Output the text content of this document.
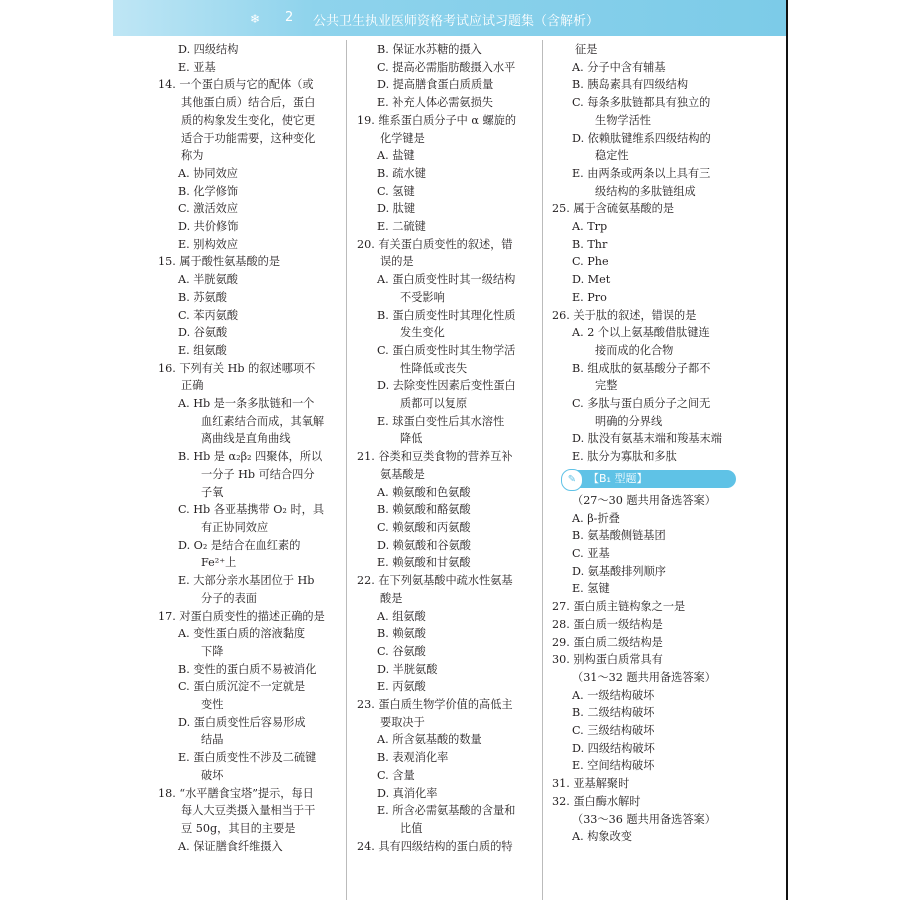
❄ 2 公共卫生执业医师资格考试应试习题集（含解析）
D. 四级结构
E. 亚基
14. 一个蛋白质与它的配体（或
其他蛋白质）结合后，蛋白
质的构象发生变化，使它更
适合于功能需要，这种变化
称为
A. 协同效应
B. 化学修饰
C. 激活效应
D. 共价修饰
E. 别构效应
15. 属于酸性氨基酸的是
A. 半胱氨酸
B. 苏氨酸
C. 苯丙氨酸
D. 谷氨酸
E. 组氨酸
16. 下列有关 Hb 的叙述哪项不
正确
A. Hb 是一条多肽链和一个
血红素结合而成，其氧解
离曲线是直角曲线
B. Hb 是 α₂β₂ 四聚体，所以
一分子 Hb 可结合四分
子氧
C. Hb 各亚基携带 O₂ 时，具
有正协同效应
D. O₂ 是结合在血红素的
Fe²⁺上
E. 大部分亲水基团位于 Hb
分子的表面
17. 对蛋白质变性的描述正确的是
A. 变性蛋白质的溶液黏度
下降
B. 变性的蛋白质不易被消化
C. 蛋白质沉淀不一定就是
变性
D. 蛋白质变性后容易形成
结晶
E. 蛋白质变性不涉及二硫键
破坏
18. “水平膳食宝塔”提示，每日
每人大豆类摄入量相当于干
豆 50g，其目的主要是
A. 保证膳食纤维摄入
B. 保证水苏糖的摄入
C. 提高必需脂肪酸摄入水平
D. 提高膳食蛋白质质量
E. 补充人体必需氨损失
19. 维系蛋白质分子中 α 螺旋的
化学键是
A. 盐键
B. 疏水键
C. 氢键
D. 肽键
E. 二硫键
20. 有关蛋白质变性的叙述，错
误的是
A. 蛋白质变性时其一级结构
不受影响
B. 蛋白质变性时其理化性质
发生变化
C. 蛋白质变性时其生物学活
性降低或丧失
D. 去除变性因素后变性蛋白
质都可以复原
E. 球蛋白变性后其水溶性
降低
21. 谷类和豆类食物的营养互补
氨基酸是
A. 赖氨酸和色氨酸
B. 赖氨酸和酪氨酸
C. 赖氨酸和丙氨酸
D. 赖氨酸和谷氨酸
E. 赖氨酸和甘氨酸
22. 在下列氨基酸中疏水性氨基
酸是
A. 组氨酸
B. 赖氨酸
C. 谷氨酸
D. 半胱氨酸
E. 丙氨酸
23. 蛋白质生物学价值的高低主
要取决于
A. 所含氨基酸的数量
B. 表观消化率
C. 含量
D. 真消化率
E. 所含必需氨基酸的含量和
比值
24. 具有四级结构的蛋白质的特
征是
A. 分子中含有辅基
B. 胰岛素具有四级结构
C. 每条多肽链都具有独立的
生物学活性
D. 依赖肽键维系四级结构的
稳定性
E. 由两条或两条以上具有三
级结构的多肽链组成
25. 属于含硫氨基酸的是
A. Trp
B. Thr
C. Phe
D. Met
E. Pro
26. 关于肽的叙述，错误的是
A. 2 个以上氨基酸借肽键连
接而成的化合物
B. 组成肽的氨基酸分子都不
完整
C. 多肽与蛋白质分子之间无
明确的分界线
D. 肽没有氨基末端和羧基末端
E. 肽分为寡肽和多肽
✎	【B₁ 型题】
（27～30 题共用备选答案）
A. β-折叠
B. 氨基酸侧链基团
C. 亚基
D. 氨基酸排列顺序
E. 氢键
27. 蛋白质主链构象之一是
28. 蛋白质一级结构是
29. 蛋白质二级结构是
30. 别构蛋白质常具有
（31～32 题共用备选答案）
A. 一级结构破坏
B. 二级结构破坏
C. 三级结构破坏
D. 四级结构破坏
E. 空间结构破坏
31. 亚基解聚时
32. 蛋白酶水解时
（33～36 题共用备选答案）
A. 构象改变
